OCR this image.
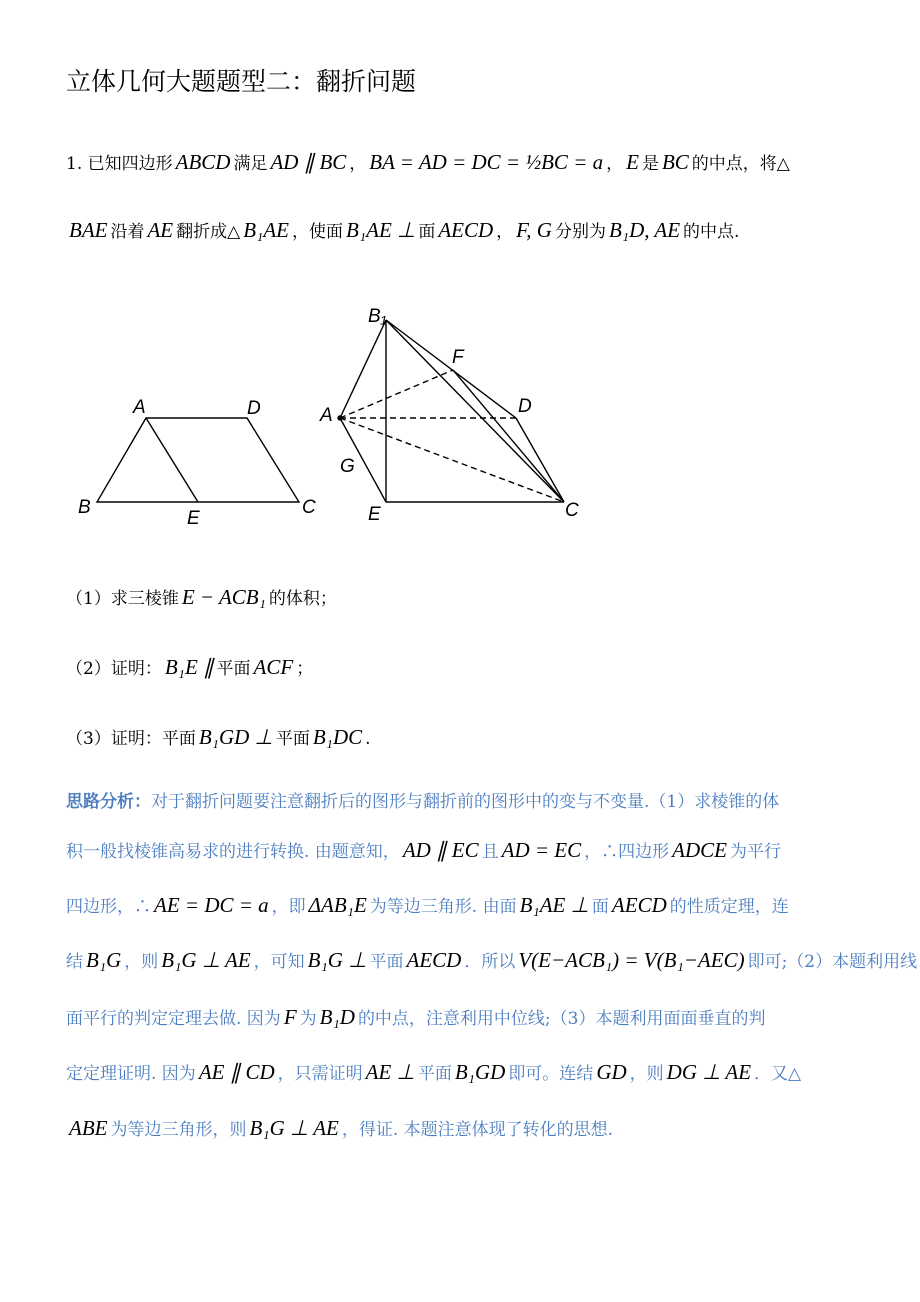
立体几何大题题型二：翻折问题
1. 已知四边形 ABCD 满足 AD ∥ BC ， BA = AD = DC = ½BC = a ， E 是 BC 的中点，将△
BAE 沿着 AE 翻折成△ B₁AE ，使面 B₁AE ⊥ 面 AECD ， F, G 分别为 B₁D, AE 的中点.
A	D
B
E
C
B₁
F
A	D
G
E	C
（1）求三棱锥 E − ACB₁ 的体积；
（2）证明： B₁E ∥ 平面 ACF ；
（3）证明：平面 B₁GD ⊥ 平面 B₁DC .
思路分析：对于翻折问题要注意翻折后的图形与翻折前的图形中的变与不变量.（1）求棱锥的体
积一般找棱锥高易求的进行转换. 由题意知， AD ∥ EC 且 AD = EC ，∴四边形 ADCE 为平行
四边形，∴ AE = DC = a ，即 ΔAB₁E 为等边三角形. 由面 B₁AE ⊥ 面 AECD 的性质定理，连
结 B₁G ，则 B₁G ⊥ AE ，可知 B₁G ⊥ 平面 AECD ．所以 V(E−ACB₁) = V(B₁−AEC) 即可;（2）本题利用线
面平行的判定定理去做. 因为 F 为 B₁D 的中点，注意利用中位线;（3）本题利用面面垂直的判
定定理证明. 因为 AE ∥ CD ，只需证明 AE ⊥ 平面 B₁GD 即可。连结 GD ，则 DG ⊥ AE ．又△
ABE 为等边三角形，则 B₁G ⊥ AE ，得证. 本题注意体现了转化的思想.
